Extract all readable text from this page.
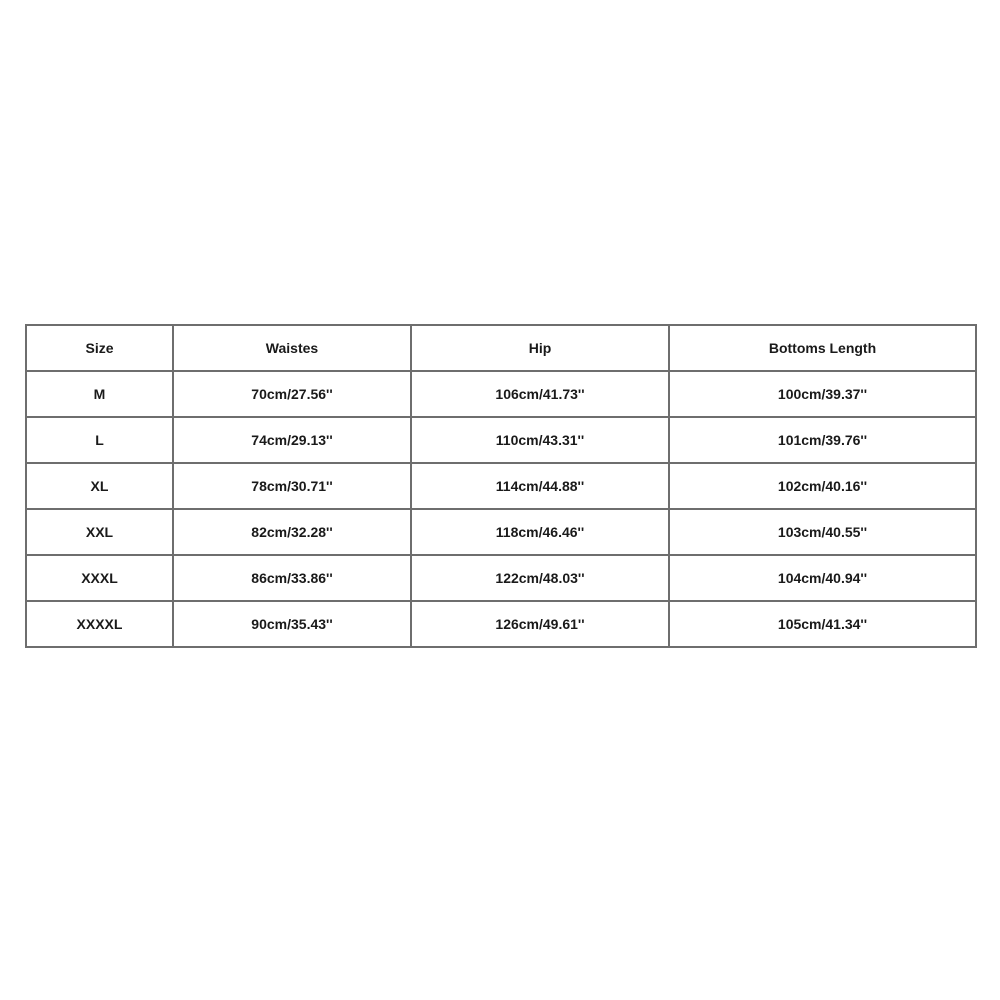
Size	Waistes	Hip	Bottoms Length
M	70cm/27.56''	106cm/41.73''	100cm/39.37''
L	74cm/29.13''	110cm/43.31''	101cm/39.76''
XL	78cm/30.71''	114cm/44.88''	102cm/40.16''
XXL	82cm/32.28''	118cm/46.46''	103cm/40.55''
XXXL	86cm/33.86''	122cm/48.03''	104cm/40.94''
XXXXL	90cm/35.43''	126cm/49.61''	105cm/41.34''
